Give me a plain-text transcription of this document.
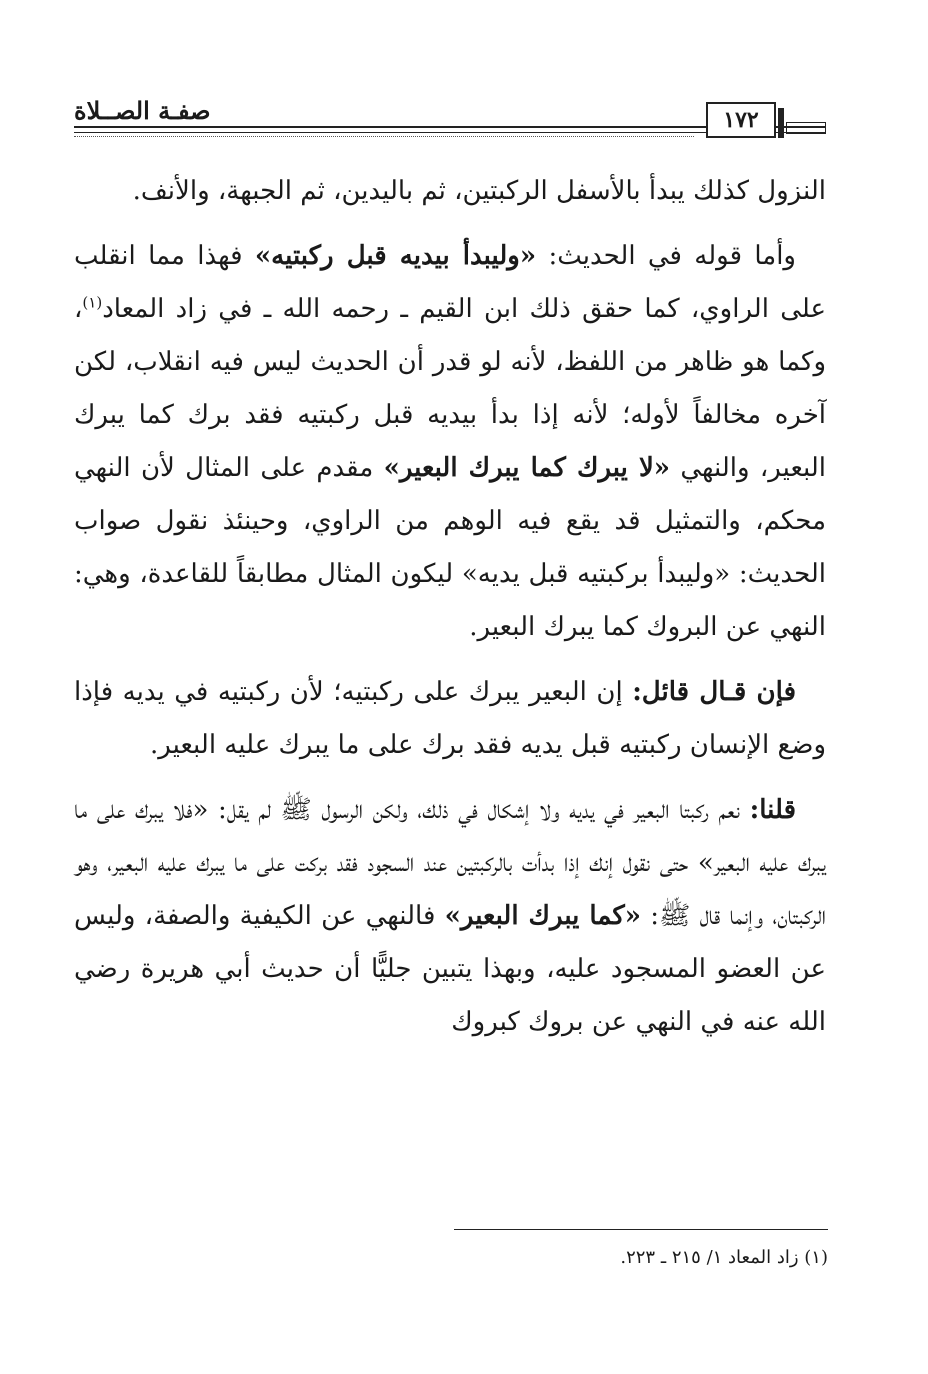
صفـة الصــلاة	١٧٢

النزول كذلك يبدأ بالأسفل الركبتين، ثم باليدين، ثم الجبهة، والأنف.

وأما قوله في الحديث: «وليبدأ بيديه قبل ركبتيه» فهذا مما انقلب على الراوي، كما حقق ذلك ابن القيم ـ رحمه الله ـ في زاد المعاد$^{(١)}$، وكما هو ظاهر من اللفظ، لأنه لو قدر أن الحديث ليس فيه انقلاب، لكن آخره مخالفاً لأوله؛ لأنه إذا بدأ بيديه قبل ركبتيه فقد برك كما يبرك البعير، والنهي «لا يبرك كما يبرك البعير» مقدم على المثال لأن النهي محكم، والتمثيل قد يقع فيه الوهم من الراوي، وحينئذ نقول صواب الحديث: «وليبدأ بركبتيه قبل يديه» ليكون المثال مطابقاً للقاعدة، وهي: النهي عن البروك كما يبرك البعير.

فإن قـال قائل: إن البعير يبرك على ركبتيه؛ لأن ركبتيه في يديه فإذا وضع الإنسان ركبتيه قبل يديه فقد برك على ما يبرك عليه البعير.

قلنا: نعم ركبتا البعير في يديه ولا إشكال في ذلك، ولكن الرسول ﷺ لم يقل: «فلا يبرك على ما يبرك عليه البعير» حتى نقول إنك إذا بدأت بالركبتين عند السجود فقد بركت على ما يبرك عليه البعير، وهو الركبتان، وإنما قال ﷺ: «كما يبرك البعير» فالنهي عن الكيفية والصفة، وليس عن العضو المسجود عليه، وبهذا يتبين جليًّا أن حديث أبي هريرة رضي الله عنه في النهي عن بروك كبروك

(١) زاد المعاد ١/ ٢١٥ ـ ٢٢٣.
